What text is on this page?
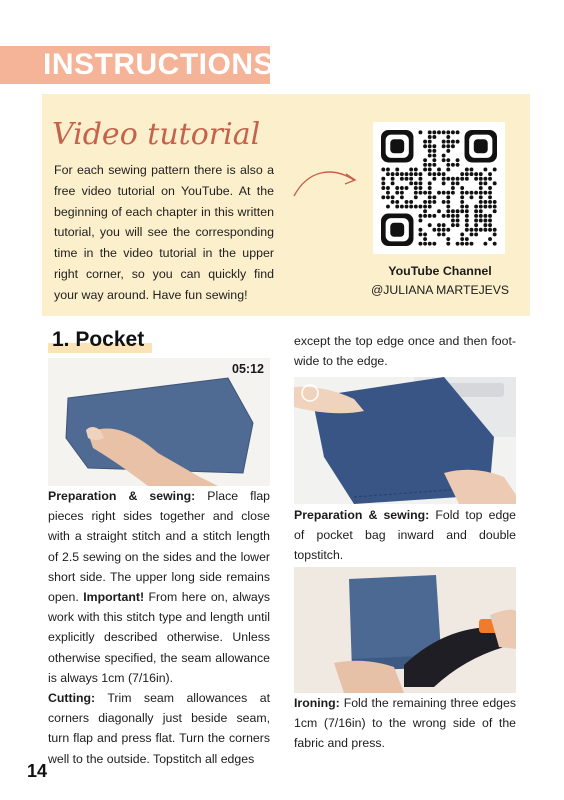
INSTRUCTIONS
Video tutorial
For each sewing pattern there is also a free video tutorial on YouTube. At the beginning of each chapter in this written tutorial, you will see the corresponding time in the video tutorial in the upper right corner, so you can quickly find your way around. Have fun sewing!
YouTube Channel
@JULIANA MARTEJEVS
1. Pocket
05:12
Preparation & sewing: Place flap pieces right sides together and close with a straight stitch and a stitch length of 2.5 sewing on the sides and the lower short side. The upper long side remains open. Important! From here on, always work with this stitch type and length until explicitly described otherwise. Unless otherwise specified, the seam allowance is always 1cm (7/16in).
Cutting: Trim seam allowances at corners diagonally just beside seam, turn flap and press flat. Turn the corners well to the outside. Topstitch all edges
except the top edge once and then foot-wide to the edge.
Preparation & sewing: Fold top edge of pocket bag inward and double topstitch.
Ironing: Fold the remaining three edges 1cm (7/16in) to the wrong side of the fabric and press.
14
